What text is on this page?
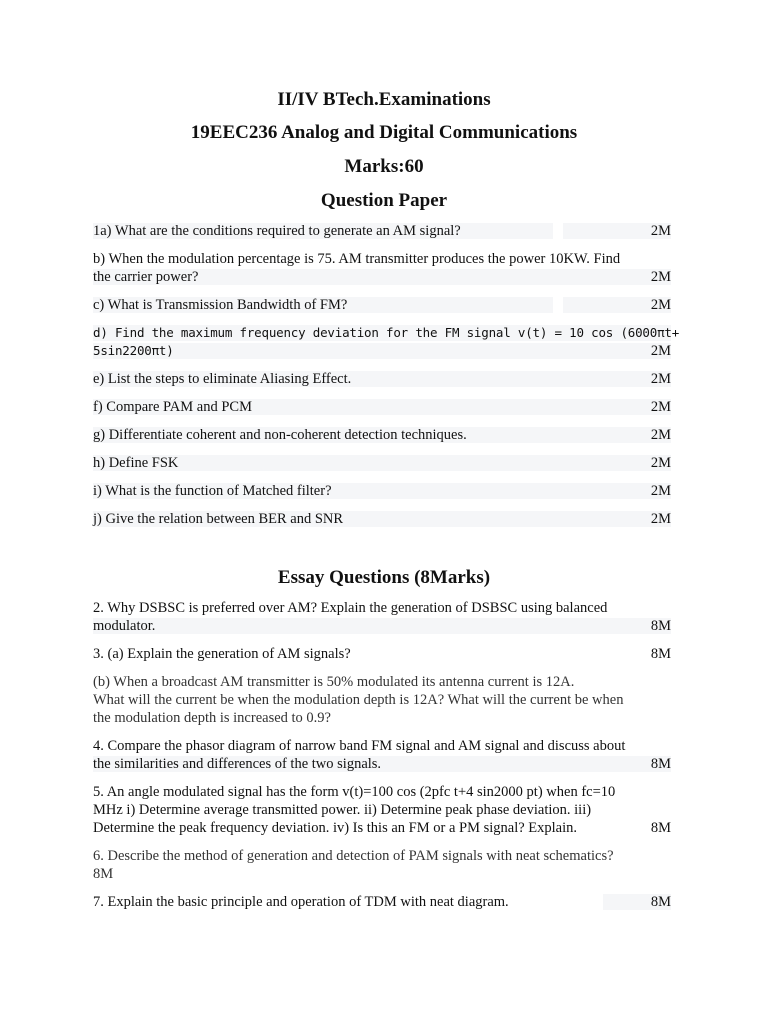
II/IV BTech.Examinations
19EEC236 Analog and Digital Communications
Marks:60
Question Paper
1a) What are the conditions required to generate an AM signal?	2M
b) When the modulation percentage is 75. AM transmitter produces the power 10KW. Find
the carrier power?	2M
c) What is Transmission Bandwidth of FM?	2M
d) Find the maximum frequency deviation for the FM signal v(t) = 10 cos (6000πt+
5sin2200πt)	2M
e) List the steps to eliminate Aliasing Effect.	2M
f) Compare PAM and PCM	2M
g) Differentiate coherent and non-coherent detection techniques.	2M
h) Define FSK	2M
i) What is the function of Matched filter?	2M
j) Give the relation between BER and SNR	2M
Essay Questions (8Marks)
2. Why DSBSC is preferred over AM? Explain the generation of DSBSC using balanced
modulator.	8M
3. (a) Explain the generation of AM signals?	8M
(b) When a broadcast AM transmitter is 50% modulated its antenna current is 12A.
What will the current be when the modulation depth is 12A? What will the current be when
the modulation depth is increased to 0.9?
4. Compare the phasor diagram of narrow band FM signal and AM signal and discuss about
the similarities and differences of the two signals.	8M
5. An angle modulated signal has the form v(t)=100 cos (2pfc t+4 sin2000 pt) when fc=10
MHz i) Determine average transmitted power. ii) Determine peak phase deviation. iii)
Determine the peak frequency deviation. iv) Is this an FM or a PM signal? Explain.	8M
6. Describe the method of generation and detection of PAM signals with neat schematics?
8M
7. Explain the basic principle and operation of TDM with neat diagram.	8M
